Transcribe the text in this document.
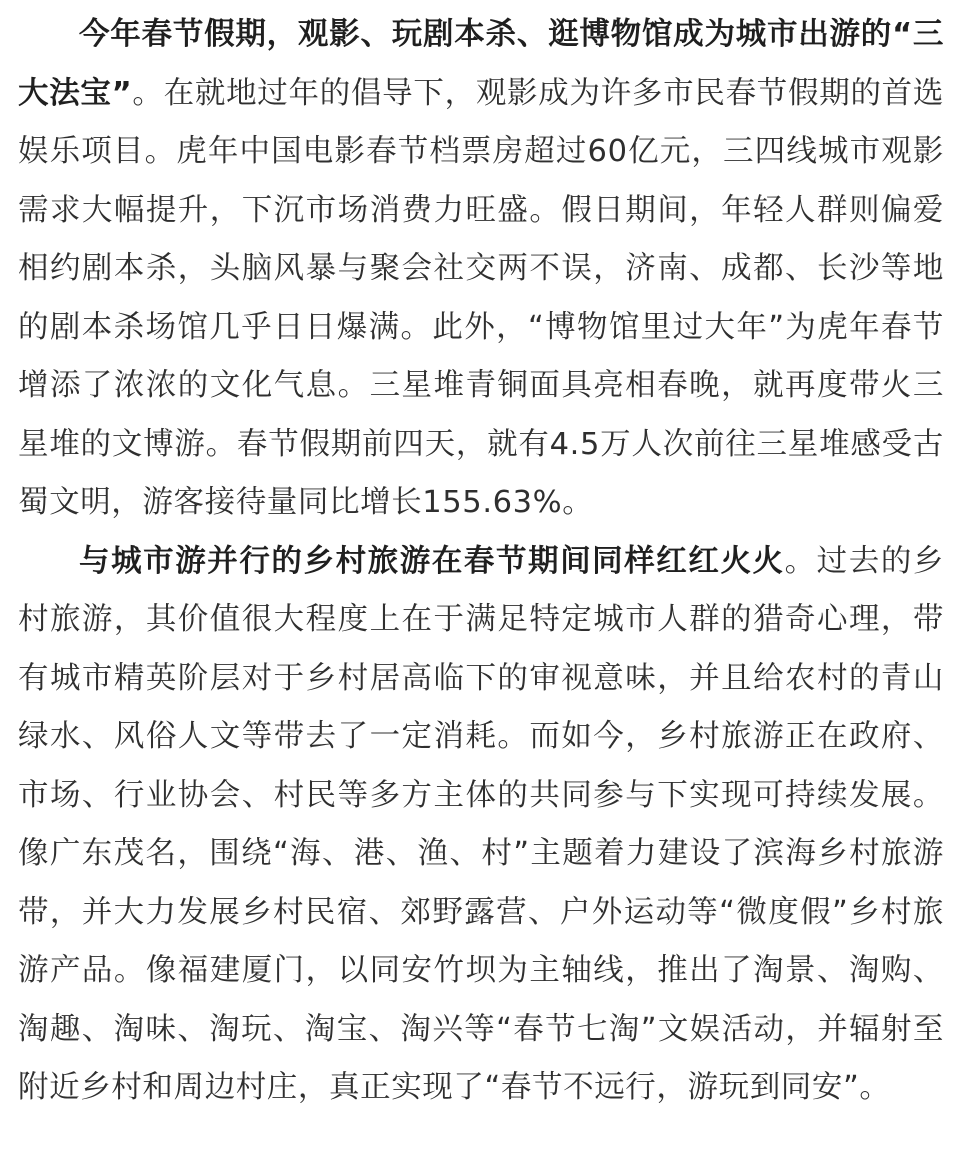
今年春节假期，观影、玩剧本杀、逛博物馆成为城市出游的“三大法宝”。在就地过年的倡导下，观影成为许多市民春节假期的首选娱乐项目。虎年中国电影春节档票房超过60亿元，三四线城市观影需求大幅提升，下沉市场消费力旺盛。假日期间，年轻人群则偏爱相约剧本杀，头脑风暴与聚会社交两不误，济南、成都、长沙等地的剧本杀场馆几乎日日爆满。此外，“博物馆里过大年”为虎年春节增添了浓浓的文化气息。三星堆青铜面具亮相春晚，就再度带火三星堆的文博游。春节假期前四天，就有4.5万人次前往三星堆感受古蜀文明，游客接待量同比增长155.63%。

与城市游并行的乡村旅游在春节期间同样红红火火。过去的乡村旅游，其价值很大程度上在于满足特定城市人群的猎奇心理，带有城市精英阶层对于乡村居高临下的审视意味，并且给农村的青山绿水、风俗人文等带去了一定消耗。而如今，乡村旅游正在政府、市场、行业协会、村民等多方主体的共同参与下实现可持续发展。像广东茂名，围绕“海、港、渔、村”主题着力建设了滨海乡村旅游带，并大力发展乡村民宿、郊野露营、户外运动等“微度假”乡村旅游产品。像福建厦门，以同安竹坝为主轴线，推出了淘景、淘购、淘趣、淘味、淘玩、淘宝、淘兴等“春节七淘”文娱活动，并辐射至附近乡村和周边村庄，真正实现了“春节不远行，游玩到同安”。
